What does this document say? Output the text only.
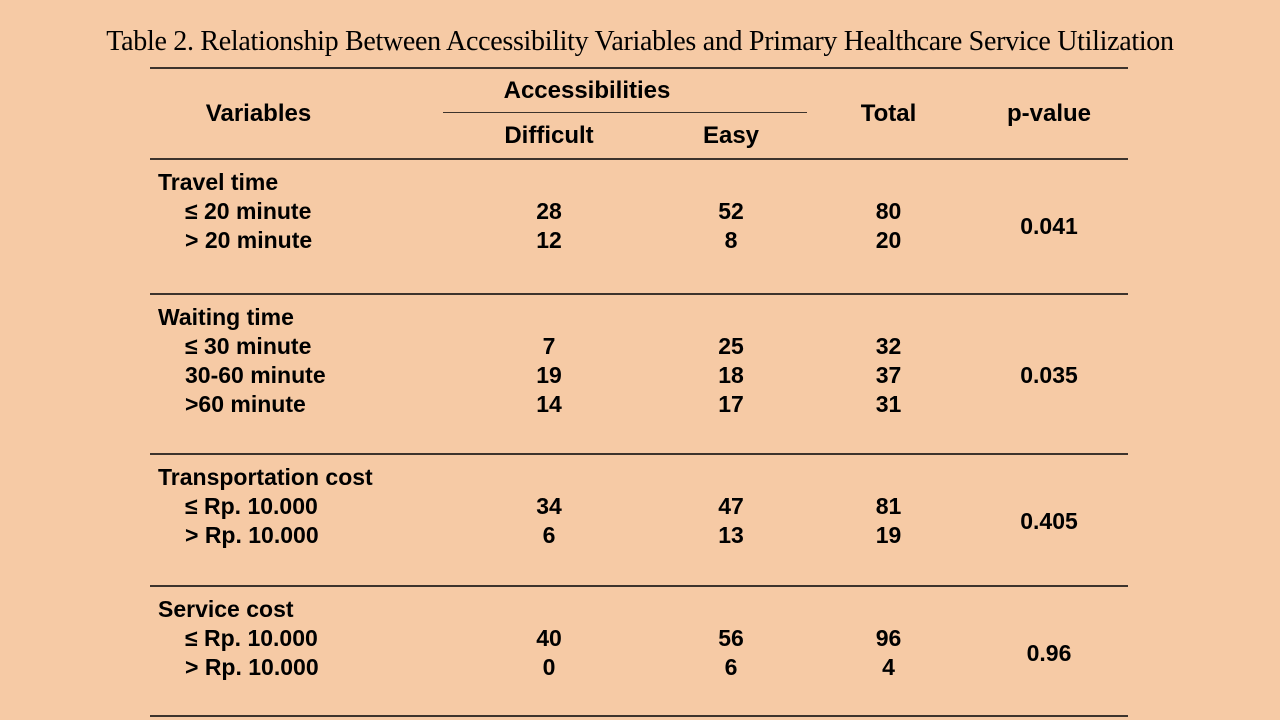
Table 2. Relationship Between Accessibility Variables and Primary Healthcare Service Utilization
Variables
Accessibilities
Difficult	Easy
Total	p-value
Travel time
≤ 20 minute	28	52	80
> 20 minute	12	8	20
0.041
Waiting time
≤ 30 minute	7	25	32
30-60 minute	19	18	37
>60 minute	14	17	31
0.035
Transportation cost
≤ Rp. 10.000	34	47	81
> Rp. 10.000	6	13	19
0.405
Service cost
≤ Rp. 10.000	40	56	96
> Rp. 10.000	0	6	4
0.96
